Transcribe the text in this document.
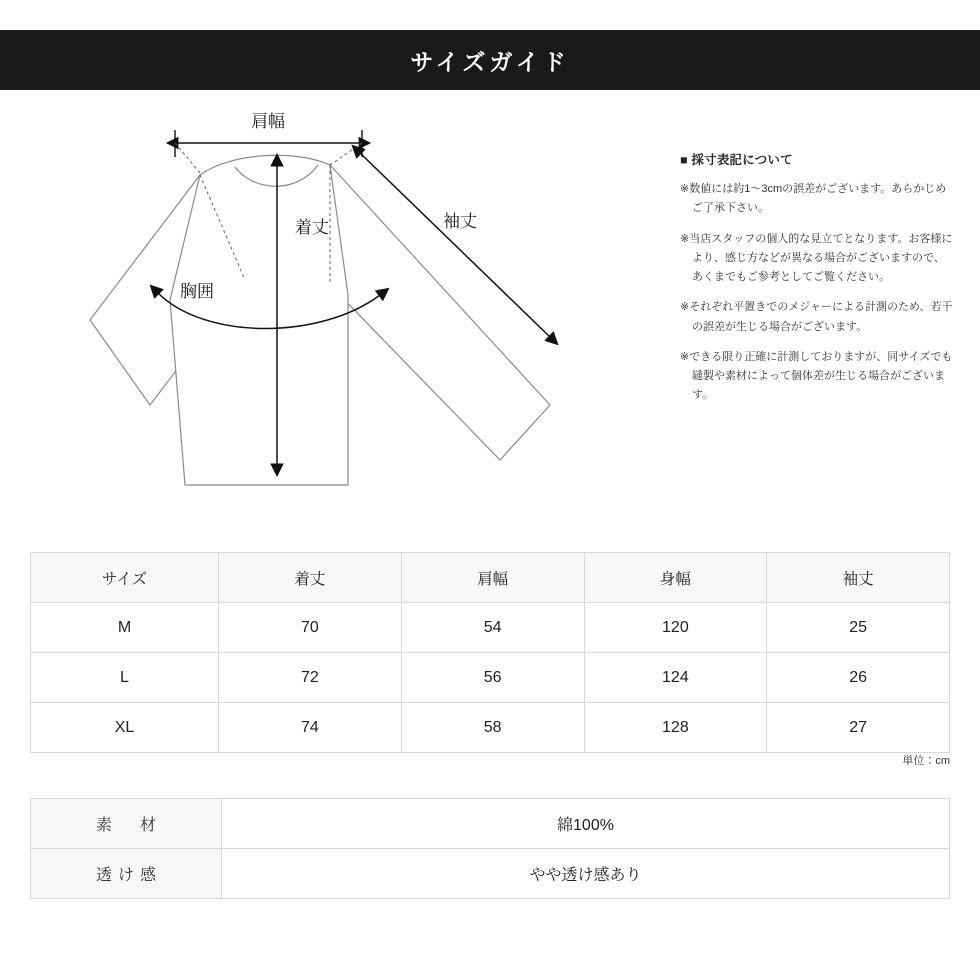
サイズガイド
肩幅
着丈
胸囲
袖丈
■ 採寸表記について
※数値には約1〜3cmの誤差がございます。あらかじめご了承下さい。
※当店スタッフの個人的な見立てとなります。お客様により、感じ方などが異なる場合がございますので、あくまでもご参考としてご覧ください。
※それぞれ平置きでのメジャーによる計測のため、若干の誤差が生じる場合がございます。
※できる限り正確に計測しておりますが、同サイズでも縫製や素材によって個体差が生じる場合がございます。
サイズ	着丈	肩幅	身幅	袖丈
M	70	54	120	25
L	72	56	124	26
XL	74	58	128	27
単位：cm
素　材	綿100%
透け感	やや透け感あり
